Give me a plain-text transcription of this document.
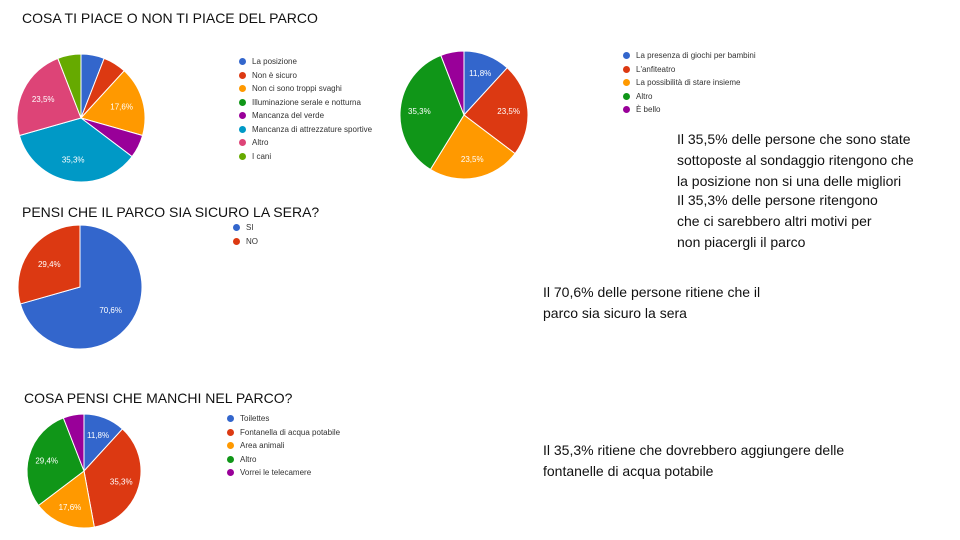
COSA TI PIACE O NON TI PIACE DEL PARCO
PENSI CHE IL PARCO SIA SICURO LA SERA?
COSA PENSI CHE MANCHI NEL PARCO?
17,6%
35,3%
23,5%
11,8%
23,5%
23,5%
35,3%
70,6%
29,4%
11,8%
35,3%
17,6%
29,4%
La posizione
Non è sicuro
Non ci sono troppi svaghi
Illuminazione serale e notturna
Mancanza del verde
Mancanza di attrezzature sportive
Altro
I cani
La presenza di giochi per bambini
L'anfiteatro
La possibilità di stare insieme
Altro
È bello
SI
NO
Toilettes
Fontanella di acqua potabile
Area animali
Altro
Vorrei le telecamere
Il 35,5% delle persone che sono state
sottoposte al sondaggio ritengono che
la posizione non si una delle migliori
Il 35,3% delle persone ritengono
che ci sarebbero altri motivi per
non piacergli il parco
Il 70,6% delle persone ritiene che il
parco sia sicuro la sera
Il 35,3% ritiene che dovrebbero aggiungere delle
fontanelle di acqua potabile
